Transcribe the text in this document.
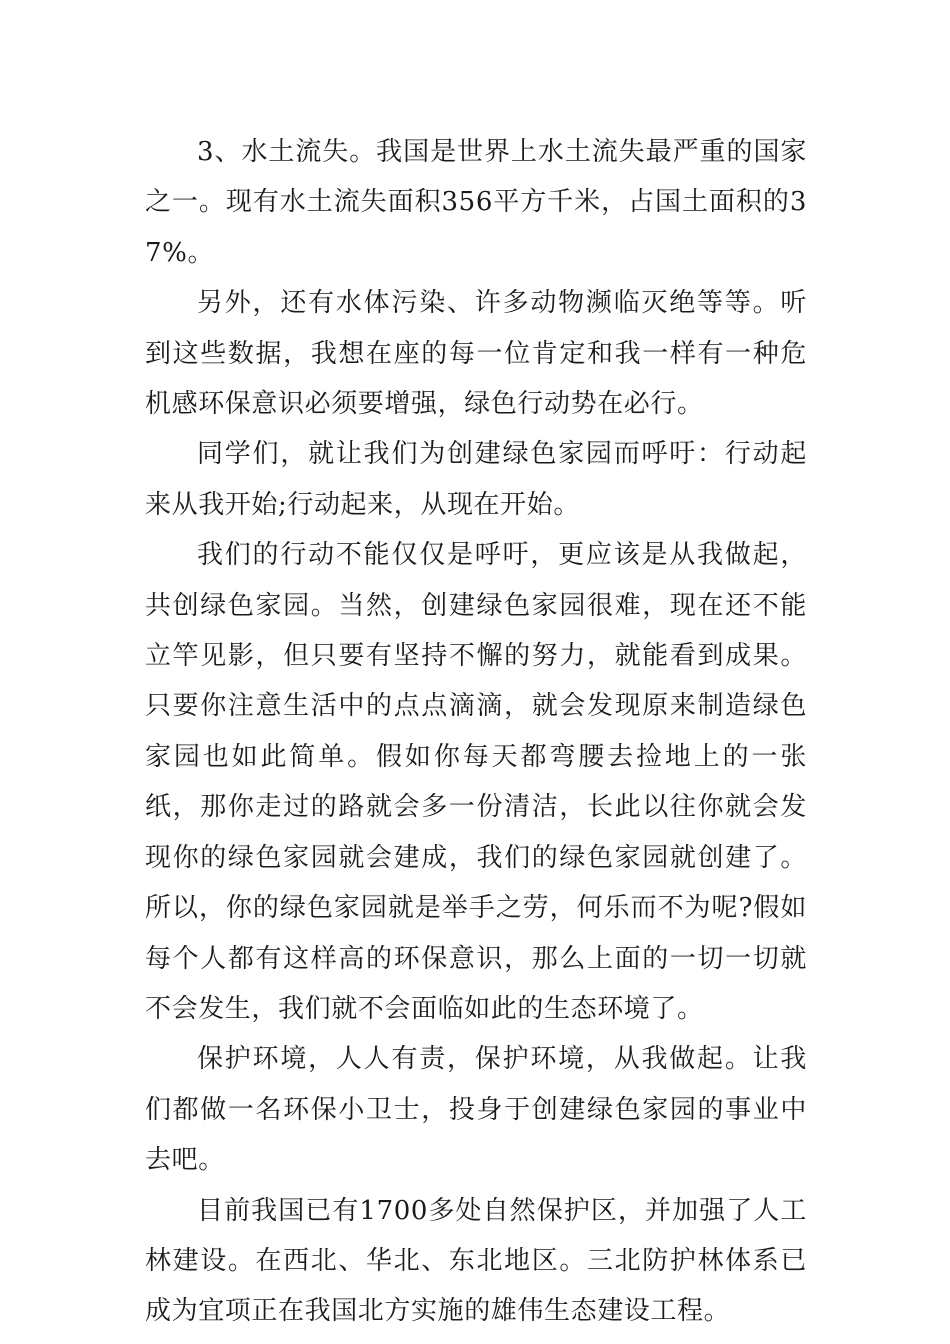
3、水土流失。我国是世界上水土流失最严重的国家之一。现有水土流失面积356平方千米，占国土面积的37%。

另外，还有水体污染、许多动物濒临灭绝等等。听到这些数据，我想在座的每一位肯定和我一样有一种危机感环保意识必须要增强，绿色行动势在必行。

同学们，就让我们为创建绿色家园而呼吁：行动起来从我开始;行动起来，从现在开始。

我们的行动不能仅仅是呼吁，更应该是从我做起，共创绿色家园。当然，创建绿色家园很难，现在还不能立竿见影，但只要有坚持不懈的努力，就能看到成果。只要你注意生活中的点点滴滴，就会发现原来制造绿色家园也如此简单。假如你每天都弯腰去捡地上的一张纸，那你走过的路就会多一份清洁，长此以往你就会发现你的绿色家园就会建成，我们的绿色家园就创建了。所以，你的绿色家园就是举手之劳，何乐而不为呢?假如每个人都有这样高的环保意识，那么上面的一切一切就不会发生，我们就不会面临如此的生态环境了。

保护环境，人人有责，保护环境，从我做起。让我们都做一名环保小卫士，投身于创建绿色家园的事业中去吧。

目前我国已有1700多处自然保护区，并加强了人工林建设。在西北、华北、东北地区。三北防护林体系已成为宜项正在我国北方实施的雄伟生态建设工程。
